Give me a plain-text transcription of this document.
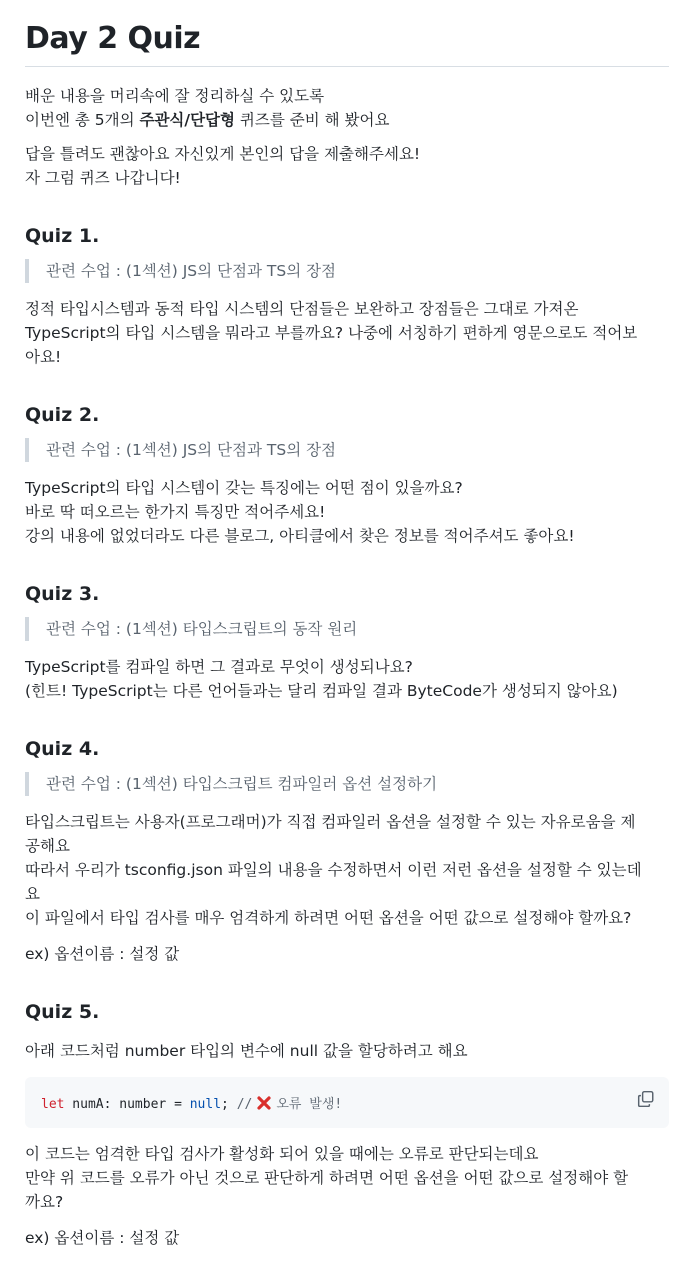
Day 2 Quiz

배운 내용을 머리속에 잘 정리하실 수 있도록
이번엔 총 5개의 주관식/단답형 퀴즈를 준비 해 봤어요

답을 틀려도 괜찮아요 자신있게 본인의 답을 제출해주세요!
자 그럼 퀴즈 나갑니다!

Quiz 1.
관련 수업 : (1섹션) JS의 단점과 TS의 장점

정적 타입시스템과 동적 타입 시스템의 단점들은 보완하고 장점들은 그대로 가져온
TypeScript의 타입 시스템을 뭐라고 부를까요? 나중에 서칭하기 편하게 영문으로도 적어보
아요!

Quiz 2.
관련 수업 : (1섹션) JS의 단점과 TS의 장점

TypeScript의 타입 시스템이 갖는 특징에는 어떤 점이 있을까요?
바로 딱 떠오르는 한가지 특징만 적어주세요!
강의 내용에 없었더라도 다른 블로그, 아티클에서 찾은 정보를 적어주셔도 좋아요!

Quiz 3.
관련 수업 : (1섹션) 타입스크립트의 동작 원리

TypeScript를 컴파일 하면 그 결과로 무엇이 생성되나요?
(힌트! TypeScript는 다른 언어들과는 달리 컴파일 결과 ByteCode가 생성되지 않아요)

Quiz 4.
관련 수업 : (1섹션) 타입스크립트 컴파일러 옵션 설정하기

타입스크립트는 사용자(프로그래머)가 직접 컴파일러 옵션을 설정할 수 있는 자유로움을 제
공해요
따라서 우리가 tsconfig.json 파일의 내용을 수정하면서 이런 저런 옵션을 설정할 수 있는데
요
이 파일에서 타입 검사를 매우 엄격하게 하려면 어떤 옵션을 어떤 값으로 설정해야 할까요?

ex) 옵션이름 : 설정 값

Quiz 5.

아래 코드처럼 number 타입의 변수에 null 값을 할당하려고 해요

let numA: number = null; // 오류 발생!

이 코드는 엄격한 타입 검사가 활성화 되어 있을 때에는 오류로 판단되는데요
만약 위 코드를 오류가 아닌 것으로 판단하게 하려면 어떤 옵션을 어떤 값으로 설정해야 할
까요?

ex) 옵션이름 : 설정 값
